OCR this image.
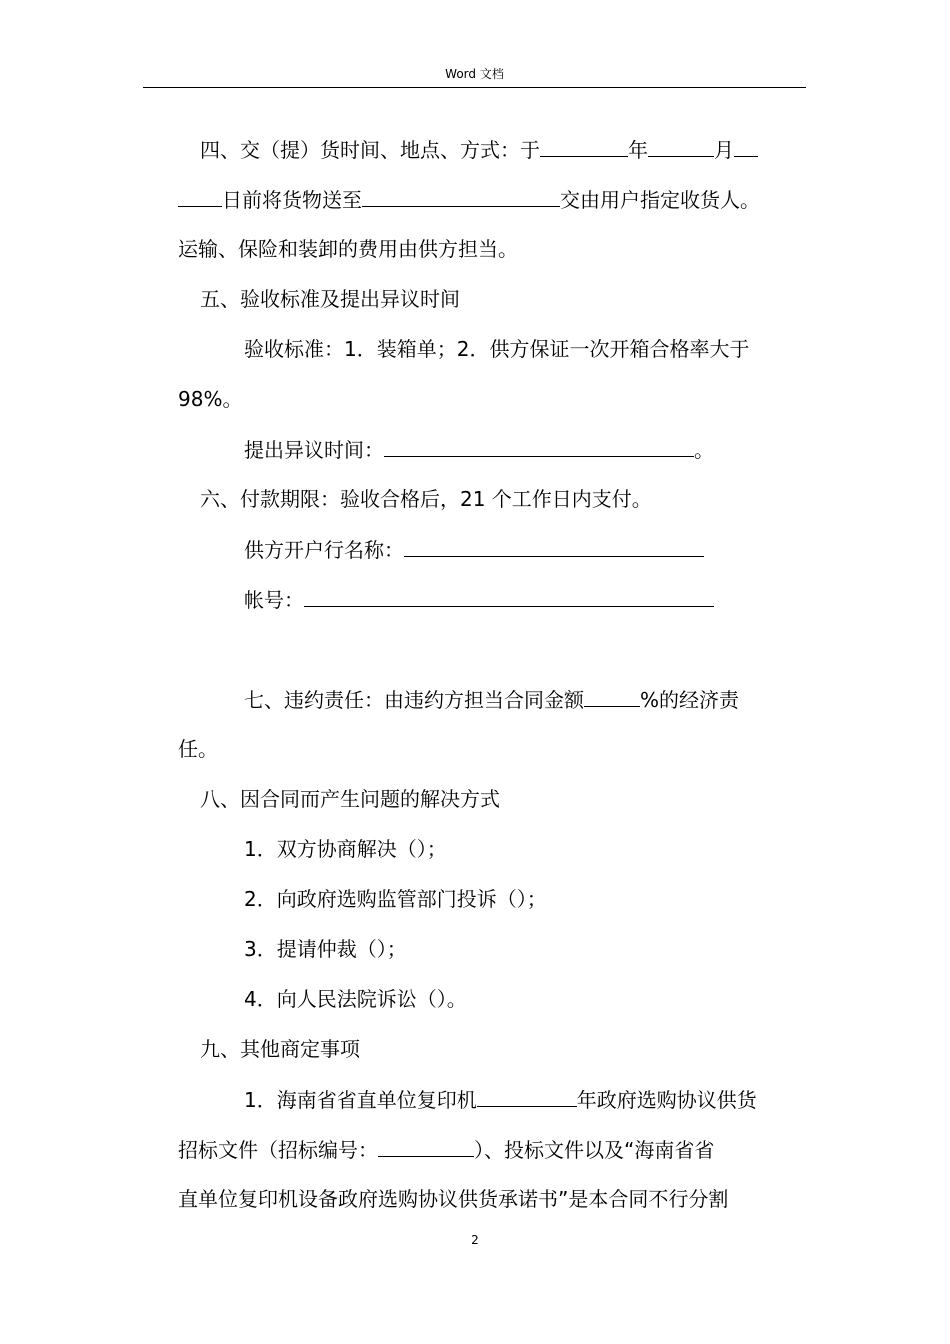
Word 文档
四、交（提）货时间、地点、方式：于	年	月
日前将货物送至	交由用户指定收货人。
运输、保险和装卸的费用由供方担当。
五、验收标准及提出异议时间
验收标准：1．装箱单；2．供方保证一次开箱合格率大于
98%。
提出异议时间：	。
六、付款期限：验收合格后，21 个工作日内支付。
供方开户行名称：
帐号：
七、违约责任：由违约方担当合同金额	%的经济责
任。
八、因合同而产生问题的解决方式
1．双方协商解决（）；
2．向政府选购监管部门投诉（）；
3．提请仲裁（）；
4．向人民法院诉讼（）。
九、其他商定事项
1．海南省省直单位复印机	年政府选购协议供货
招标文件（招标编号：	）、投标文件以及“海南省省
直单位复印机设备政府选购协议供货承诺书”是本合同不行分割
2
